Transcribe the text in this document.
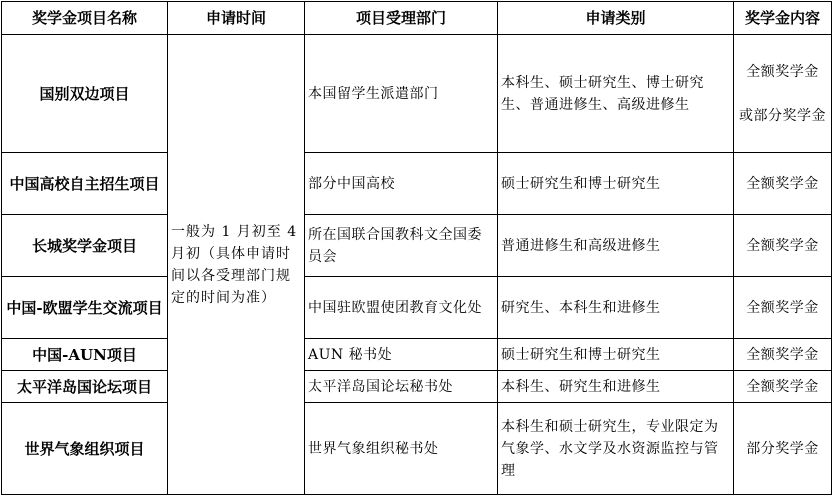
奖学金项目名称	申请时间	项目受理部门	申请类别	奖学金内容
国别双边项目	一般为 1 月初至 4 月初（具体申请时间以各受理部门规定的时间为准）	本国留学生派遣部门	本科生、硕士研究生、博士研究生、普通进修生、高级进修生	全额奖学金
或部分奖学金
中国高校自主招生项目		部分中国高校	硕士研究生和博士研究生	全额奖学金
长城奖学金项目		所在国联合国教科文全国委员会	普通进修生和高级进修生	全额奖学金
中国-欧盟学生交流项目		中国驻欧盟使团教育文化处	研究生、本科生和进修生	全额奖学金
中国-AUN项目		AUN 秘书处	硕士研究生和博士研究生	全额奖学金
太平洋岛国论坛项目		太平洋岛国论坛秘书处	本科生、研究生和进修生	全额奖学金
世界气象组织项目		世界气象组织秘书处	本科生和硕士研究生，专业限定为气象学、水文学及水资源监控与管理	部分奖学金
